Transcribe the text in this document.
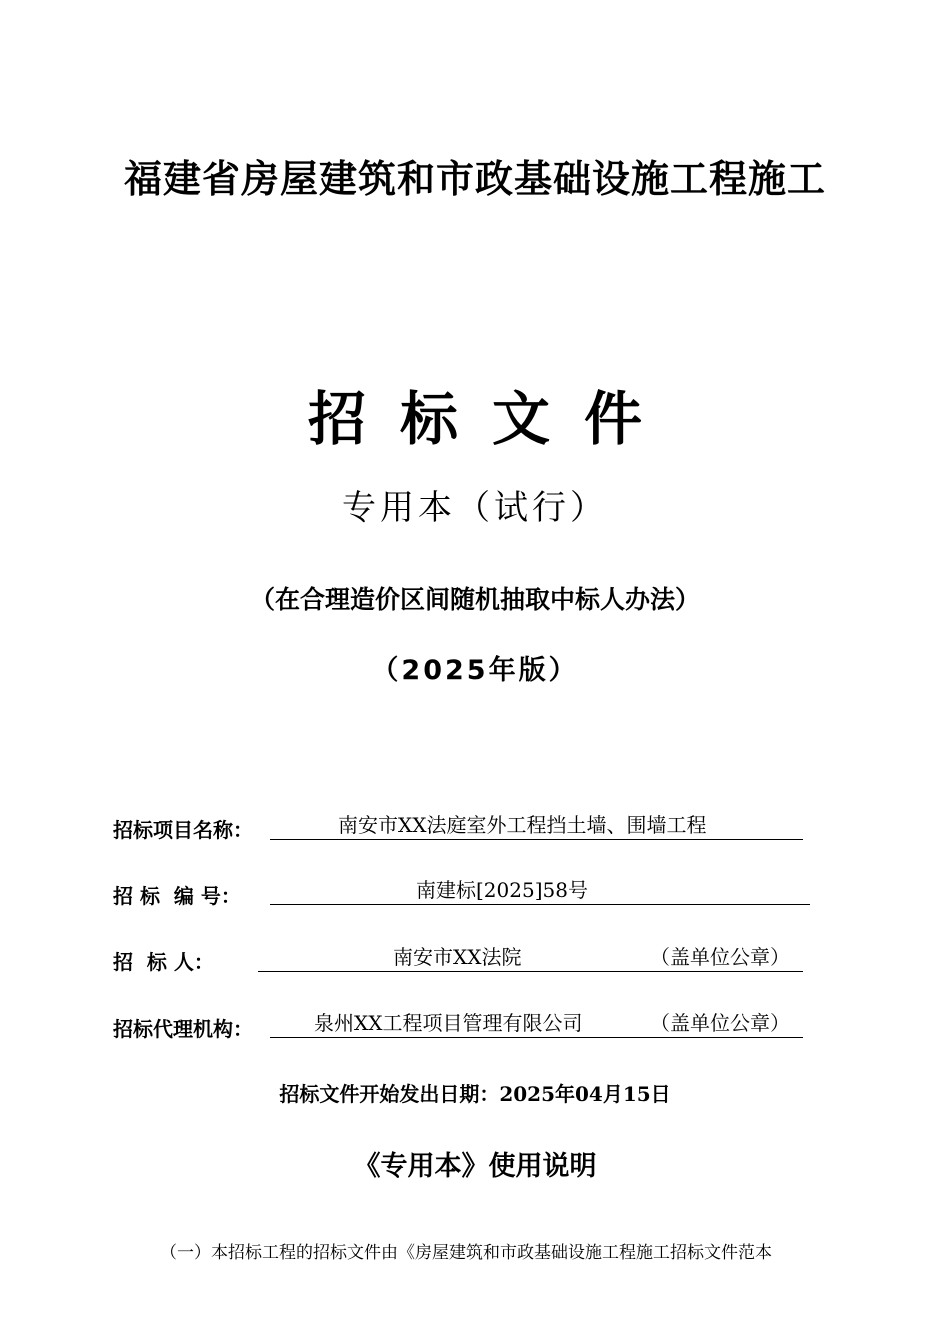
福建省房屋建筑和市政基础设施工程施工
招标文件
专用本（试行）
（在合理造价区间随机抽取中标人办法）
（2025年版）
招标项目名称：	南安市XX法庭室外工程挡土墙、围墙工程
招 标  编 号：	南建标[2025]58号
招  标 人：	南安市XX法院	（盖单位公章）
招标代理机构：	泉州XX工程项目管理有限公司	（盖单位公章）
招标文件开始发出日期：2025年04月15日
《专用本》使用说明
（一）本招标工程的招标文件由《房屋建筑和市政基础设施工程施工招标文件范本
